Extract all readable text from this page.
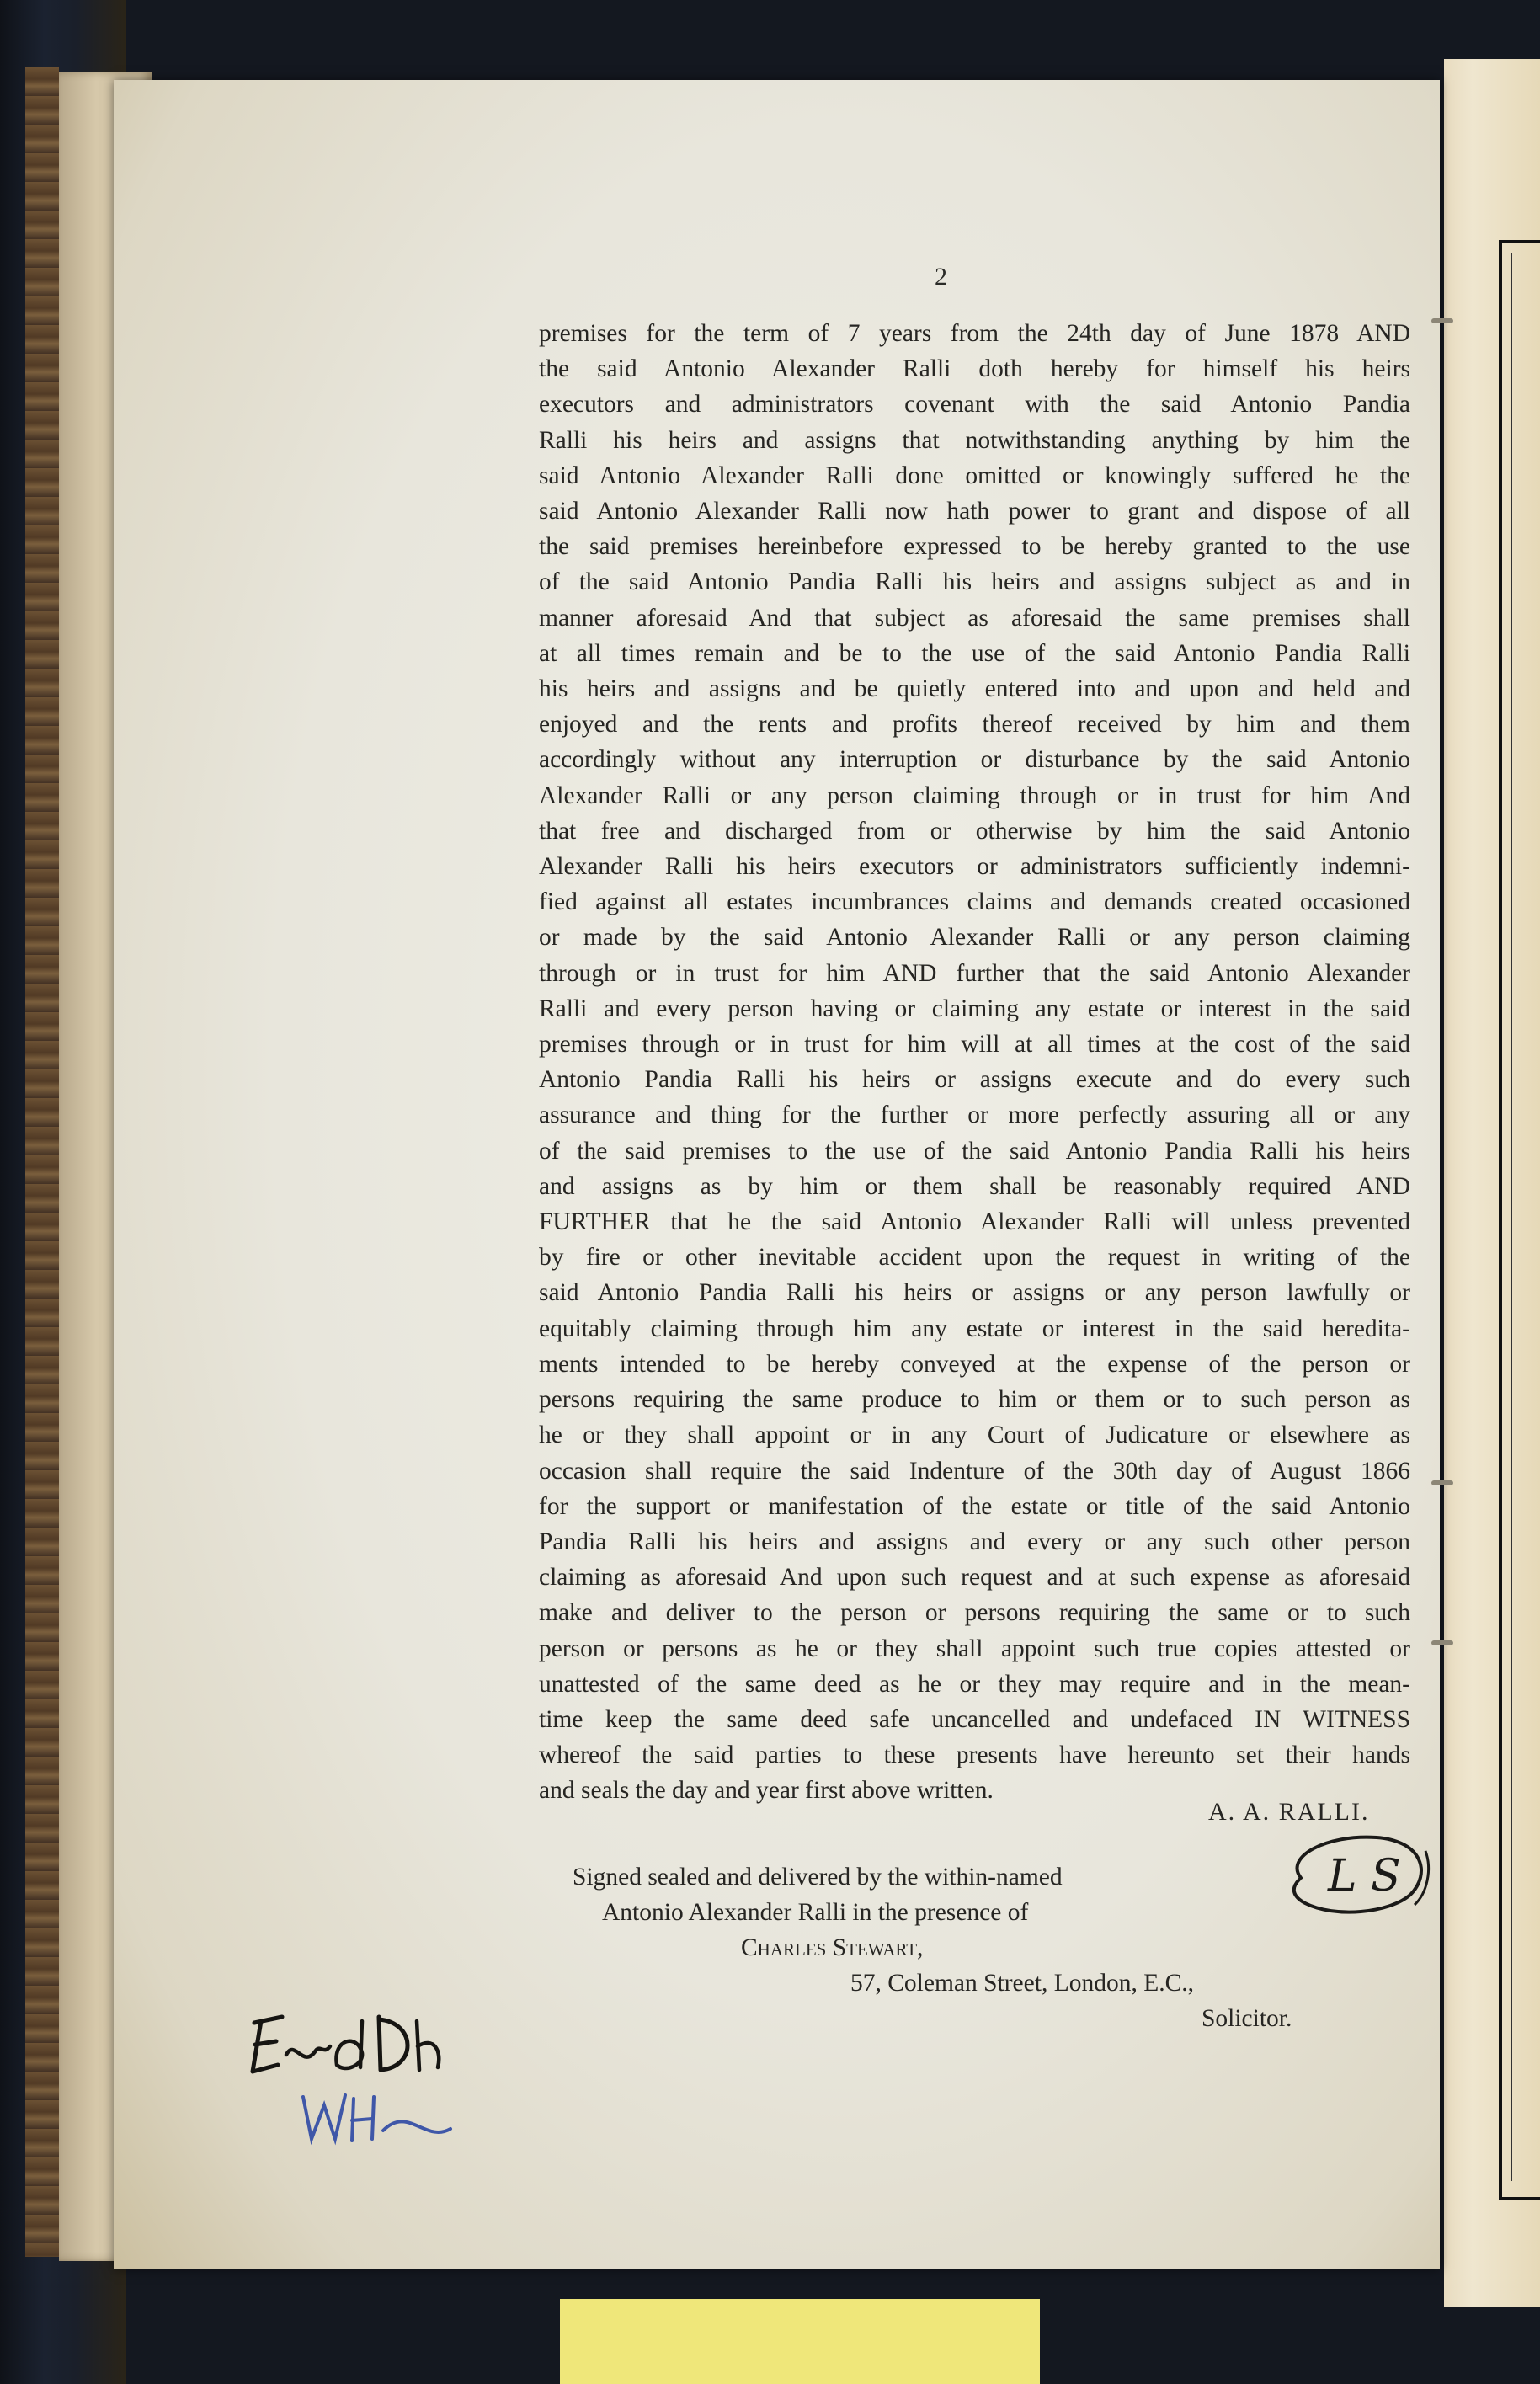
2
premises for the term of 7 years from the 24th day of June 1878 AND
the said Antonio Alexander Ralli doth hereby for himself his heirs
executors and administrators covenant with the said Antonio Pandia
Ralli his heirs and assigns that notwithstanding anything by him the
said Antonio Alexander Ralli done omitted or knowingly suffered he the
said Antonio Alexander Ralli now hath power to grant and dispose of all
the said premises hereinbefore expressed to be hereby granted to the use
of the said Antonio Pandia Ralli his heirs and assigns subject as and in
manner aforesaid And that subject as aforesaid the same premises shall
at all times remain and be to the use of the said Antonio Pandia Ralli
his heirs and assigns and be quietly entered into and upon and held and
enjoyed and the rents and profits thereof received by him and them
accordingly without any interruption or disturbance by the said Antonio
Alexander Ralli or any person claiming through or in trust for him And
that free and discharged from or otherwise by him the said Antonio
Alexander Ralli his heirs executors or administrators sufficiently indemni-
fied against all estates incumbrances claims and demands created occasioned
or made by the said Antonio Alexander Ralli or any person claiming
through or in trust for him AND further that the said Antonio Alexander
Ralli and every person having or claiming any estate or interest in the said
premises through or in trust for him will at all times at the cost of the said
Antonio Pandia Ralli his heirs or assigns execute and do every such
assurance and thing for the further or more perfectly assuring all or any
of the said premises to the use of the said Antonio Pandia Ralli his heirs
and assigns as by him or them shall be reasonably required AND
FURTHER that he the said Antonio Alexander Ralli will unless prevented
by fire or other inevitable accident upon the request in writing of the
said Antonio Pandia Ralli his heirs or assigns or any person lawfully or
equitably claiming through him any estate or interest in the said heredita-
ments intended to be hereby conveyed at the expense of the person or
persons requiring the same produce to him or them or to such person as
he or they shall appoint or in any Court of Judicature or elsewhere as
occasion shall require the said Indenture of the 30th day of August 1866
for the support or manifestation of the estate or title of the said Antonio
Pandia Ralli his heirs and assigns and every or any such other person
claiming as aforesaid And upon such request and at such expense as aforesaid
make and deliver to the person or persons requiring the same or to such
person or persons as he or they shall appoint such true copies attested or
unattested of the same deed as he or they may require and in the mean-
time keep the same deed safe uncancelled and undefaced IN WITNESS
whereof the said parties to these presents have hereunto set their hands
and seals the day and year first above written.
A. A. RALLI.
L S
Signed sealed and delivered by the within-named
Antonio Alexander Ralli in the presence of
Charles Stewart,
57, Coleman Street, London, E.C.,
Solicitor.
Exd DM
W.H.
